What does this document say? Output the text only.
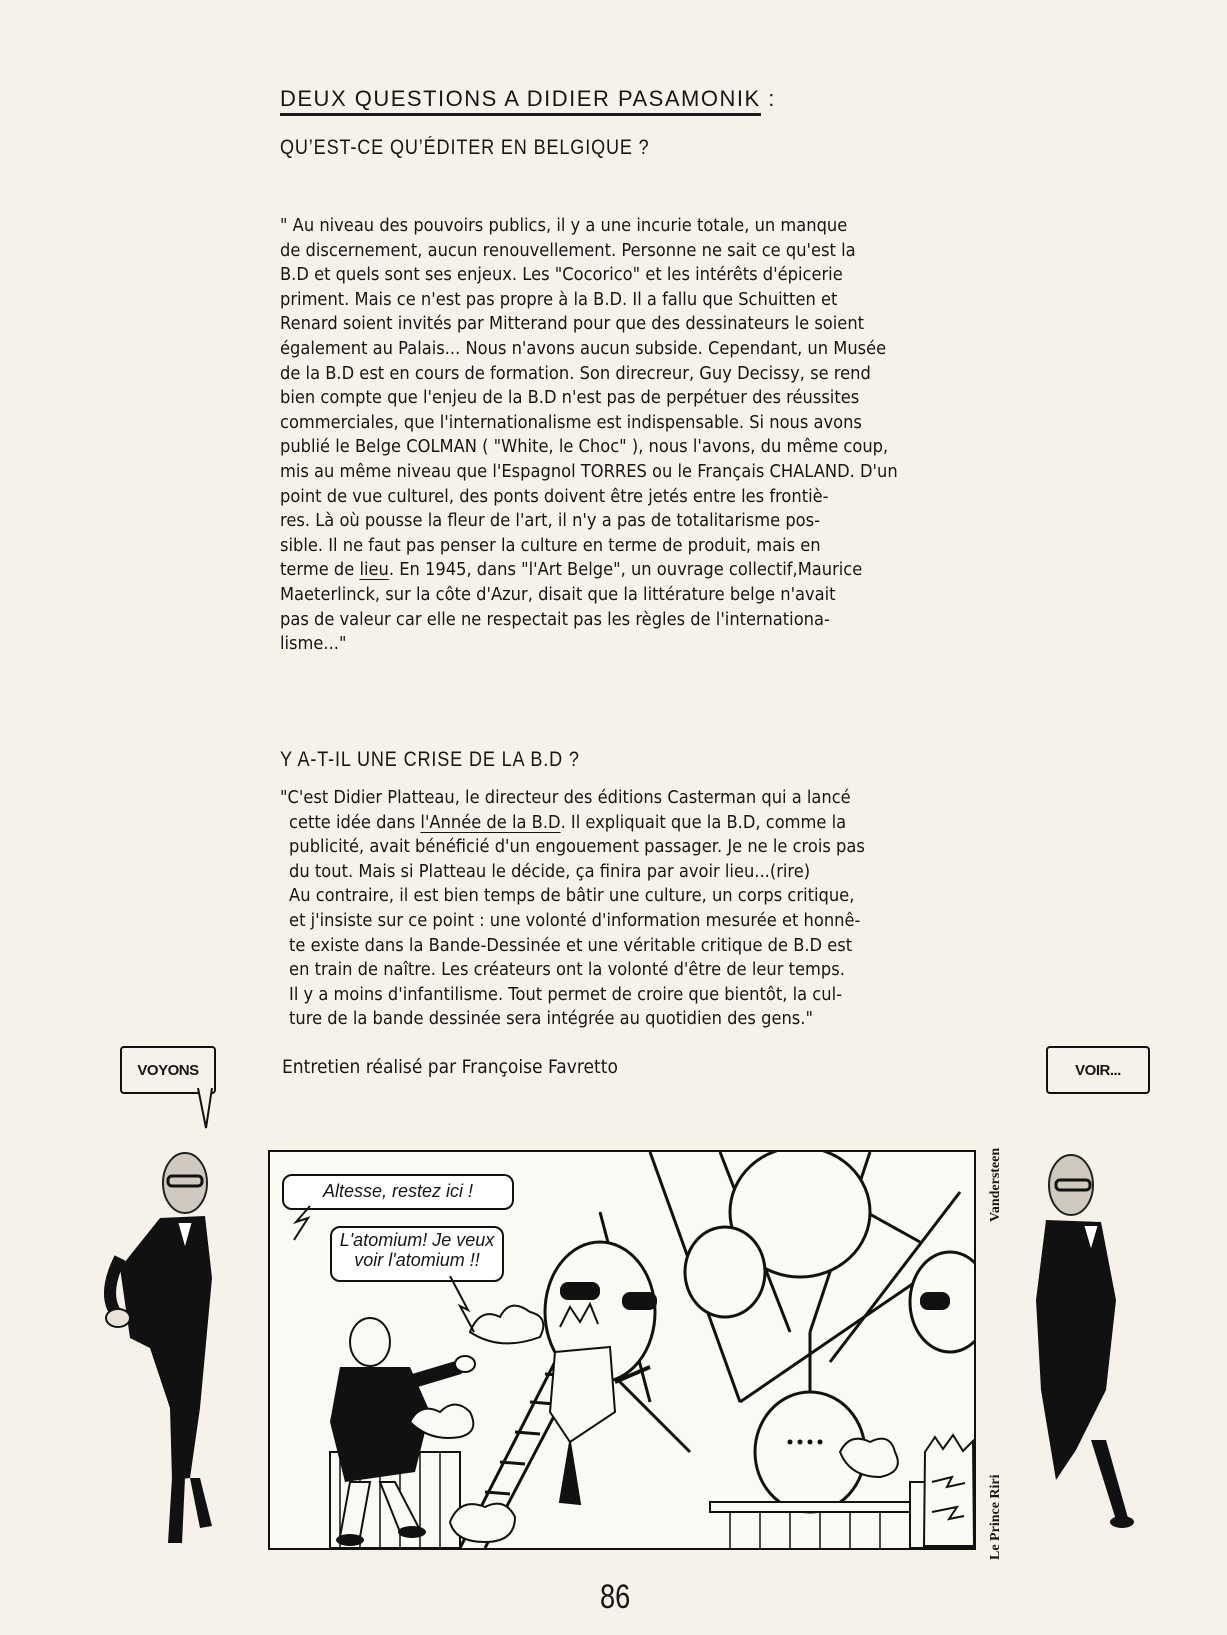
DEUX QUESTIONS A DIDIER PASAMONIK :
QU’EST-CE QU’ÉDITER EN BELGIQUE ?
" Au niveau des pouvoirs publics, il y a une incurie totale, un manque
de discernement, aucun renouvellement. Personne ne sait ce qu'est la
B.D et quels sont ses enjeux. Les "Cocorico" et les intérêts d'épicerie
priment. Mais ce n'est pas propre à la B.D. Il a fallu que Schuitten et
Renard soient invités par Mitterand pour que des dessinateurs le soient
également au Palais... Nous n'avons aucun subside. Cependant, un Musée
de la B.D est en cours de formation. Son direcreur, Guy Decissy, se rend
bien compte que l'enjeu de la B.D n'est pas de perpétuer des réussites
commerciales, que l'internationalisme est indispensable. Si nous avons
publié le Belge COLMAN ( "White, le Choc" ), nous l'avons, du même coup,
mis au même niveau que l'Espagnol TORRES ou le Français CHALAND. D'un
point de vue culturel, des ponts doivent être jetés entre les frontiè-
res. Là où pousse la fleur de l'art, il n'y a pas de totalitarisme pos-
sible. Il ne faut pas penser la culture en terme de produit, mais en
terme de lieu. En 1945, dans "l'Art Belge", un ouvrage collectif,Maurice
Maeterlinck, sur la côte d'Azur, disait que la littérature belge n'avait
pas de valeur car elle ne respectait pas les règles de l'internationa-
lisme..."
Y A-T-IL UNE CRISE DE LA B.D ?
"C'est Didier Platteau, le directeur des éditions Casterman qui a lancé
cette idée dans l'Année de la B.D. Il expliquait que la B.D, comme la
publicité, avait bénéficié d'un engouement passager. Je ne le crois pas
du tout. Mais si Platteau le décide, ça finira par avoir lieu...(rire)
Au contraire, il est bien temps de bâtir une culture, un corps critique,
et j'insiste sur ce point : une volonté d'information mesurée et honnê-
te existe dans la Bande-Dessinée et une véritable critique de B.D est
en train de naître. Les créateurs ont la volonté d'être de leur temps.
Il y a moins d'infantilisme. Tout permet de croire que bientôt, la cul-
ture de la bande dessinée sera intégrée au quotidien des gens."
VOYONS	VOIR...
Entretien réalisé par Françoise Favretto
Altesse, restez ici !
L'atomium! Je veux
voir l'atomium !!
Vandersteen
Le Prince Riri
86
